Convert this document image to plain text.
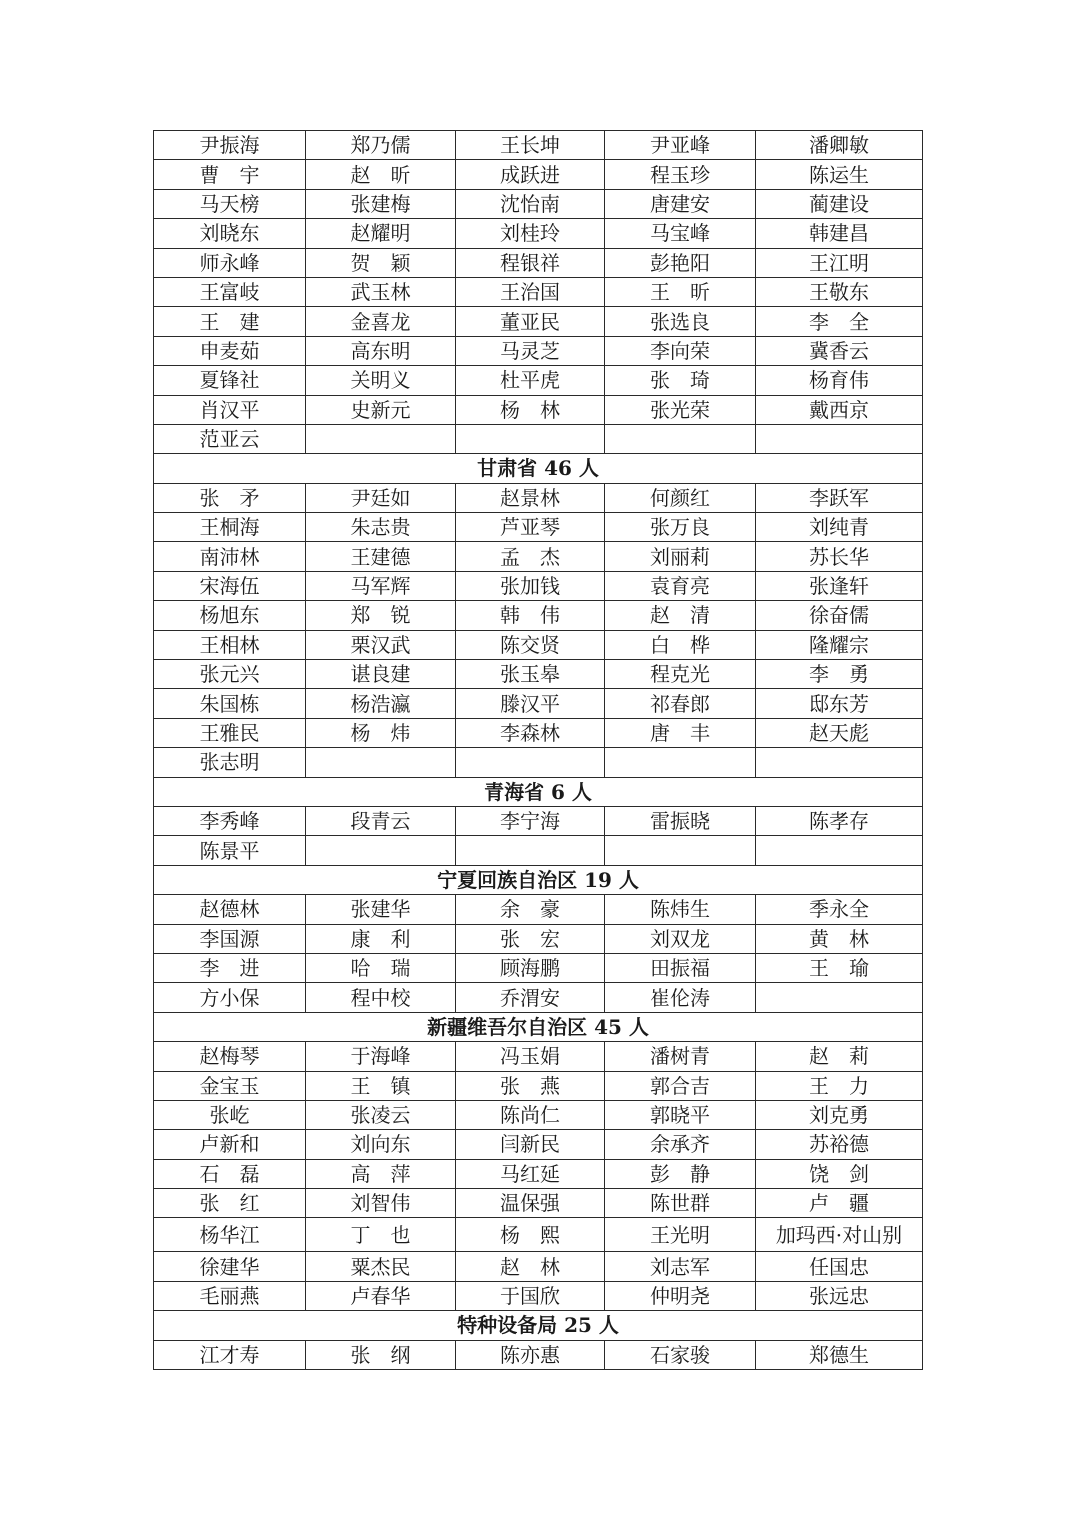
尹振海	郑乃儒	王长坤	尹亚峰	潘卿敏
曹　宇	赵　昕	成跃进	程玉珍	陈运生
马天榜	张建梅	沈怡南	唐建安	蔺建设
刘晓东	赵耀明	刘桂玲	马宝峰	韩建昌
师永峰	贺　颖	程银祥	彭艳阳	王江明
王富岐	武玉林	王治国	王　昕	王敬东
王　建	金喜龙	董亚民	张选良	李　全
申麦茹	高东明	马灵芝	李向荣	冀香云
夏锋社	关明义	杜平虎	张　琦	杨育伟
肖汉平	史新元	杨　林	张光荣	戴西京
范亚云				
甘肃省 46 人				
张　矛	尹廷如	赵景林	何颜红	李跃军
王桐海	朱志贵	芦亚琴	张万良	刘纯青
南沛林	王建德	孟　杰	刘丽莉	苏长华
宋海伍	马军辉	张加钱	袁育亮	张逢轩
杨旭东	郑　锐	韩　伟	赵　清	徐奋儒
王相林	栗汉武	陈交贤	白　桦	隆耀宗
张元兴	谌良建	张玉皋	程克光	李　勇
朱国栋	杨浩瀛	滕汉平	祁春郎	邸东芳
王雅民	杨　炜	李森林	唐　丰	赵天彪
张志明				
青海省 6 人				
李秀峰	段青云	李宁海	雷振晓	陈孝存
陈景平				
宁夏回族自治区 19 人				
赵德林	张建华	余　豪	陈炜生	季永全
李国源	康　利	张　宏	刘双龙	黄　林
李　进	哈　瑞	顾海鹏	田振福	王　瑜
方小保	程中校	乔渭安	崔伦涛	
新疆维吾尔自治区 45 人				
赵梅琴	于海峰	冯玉娟	潘树青	赵　莉
金宝玉	王　镇	张　燕	郭合吉	王　力
张屹	张凌云	陈尚仁	郭晓平	刘克勇
卢新和	刘向东	闫新民	余承齐	苏裕德
石　磊	高　萍	马红延	彭　静	饶　剑
张　红	刘智伟	温保强	陈世群	卢　疆
杨华江	丁　也	杨　熙	王光明	加玛西·对山别
徐建华	粟杰民	赵　林	刘志军	任国忠
毛丽燕	卢春华	于国欣	仲明尧	张远忠
特种设备局 25 人				
江才寿	张　纲	陈亦惠	石家骏	郑德生
